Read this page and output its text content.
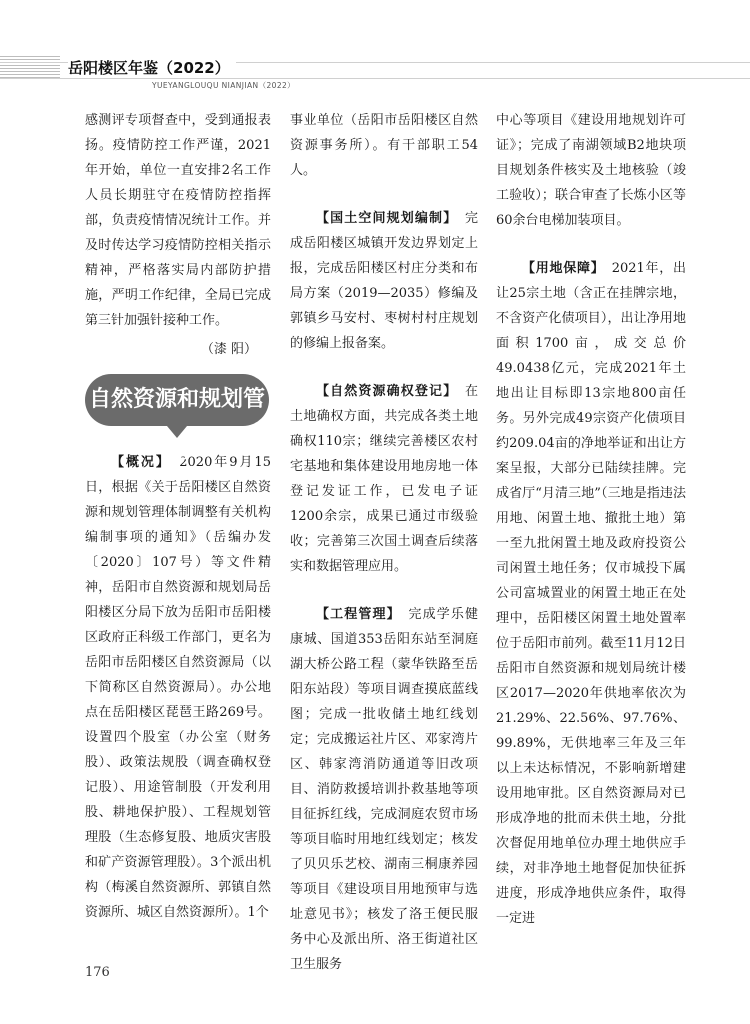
岳阳楼区年鉴（2022）
YUEYANGLOUQU NIANJIAN（2022）

感测评专项督查中，受到通报表扬。疫情防控工作严谨，2021年开始，单位一直安排2名工作人员长期驻守在疫情防控指挥部，负责疫情情况统计工作。并及时传达学习疫情防控相关指示精神，严格落实局内部防护措施，严明工作纪律，全局已完成第三针加强针接种工作。

（漆 阳）
自然资源和规划管理

【概况】　 2020年9月15日，根据《关于岳阳楼区自然资源和规划管理体制调整有关机构编制事项的通知》（岳编办发〔2020〕107号）等文件精神，岳阳市自然资源和规划局岳阳楼区分局下放为岳阳市岳阳楼区政府正科级工作部门，更名为岳阳市岳阳楼区自然资源局（以下简称区自然资源局）。办公地点在岳阳楼区琵琶王路269号。设置四个股室（办公室（财务股）、政策法规股（调查确权登记股）、用途管制股（开发利用股、耕地保护股）、工程规划管理股（生态修复股、地质灾害股和矿产资源管理股）。3个派出机构（梅溪自然资源所、郭镇自然资源所、城区自然资源所）。1个

事业单位（岳阳市岳阳楼区自然资源事务所）。有干部职工54人。

【国土空间规划编制】　 完成岳阳楼区城镇开发边界划定上报，完成岳阳楼区村庄分类和布局方案（2019—2035）修编及郭镇乡马安村、枣树村村庄规划的修编上报备案。

【自然资源确权登记】　 在土地确权方面，共完成各类土地确权110宗；继续完善楼区农村宅基地和集体建设用地房地一体登记发证工作，已发电子证1200余宗，成果已通过市级验收；完善第三次国土调查后续落实和数据管理应用。

【工程管理】　 完成学乐健康城、国道353岳阳东站至洞庭湖大桥公路工程（蒙华铁路至岳阳东站段）等项目调查摸底蓝线图；完成一批收储土地红线划定；完成搬运社片区、邓家湾片区、韩家湾消防通道等旧改项目、消防救援培训扑救基地等项目征拆红线，完成洞庭农贸市场等项目临时用地红线划定；核发了贝贝乐艺校、湖南三桐康养园等项目《建设项目用地预审与选址意见书》；核发了洛王便民服务中心及派出所、洛王街道社区卫生服务

中心等项目《建设用地规划许可证》；完成了南湖领域B2地块项目规划条件核实及土地核验（竣工验收）；联合审查了长炼小区等60余台电梯加装项目。

【用地保障】　 2021年，出让25宗土地（含正在挂牌宗地，不含资产化债项目），出让净用地面积1700亩，成交总价49.0438亿元，完成2021年土地出让目标即13宗地800亩任务。另外完成49宗资产化债项目约209.04亩的净地举证和出让方案呈报，大部分已陆续挂牌。完成省厅“月清三地”（三地是指违法用地、闲置土地、撤批土地）第一至九批闲置土地及政府投资公司闲置土地任务；仅市城投下属公司富城置业的闲置土地正在处理中，岳阳楼区闲置土地处置率位于岳阳市前列。截至11月12日岳阳市自然资源和规划局统计楼区2017—2020年供地率依次为21.29%、22.56%、97.76%、99.89%，无供地率三年及三年以上未达标情况，不影响新增建设用地审批。区自然资源局对已形成净地的批而未供土地，分批次督促用地单位办理土地供应手续，对非净地土地督促加快征拆进度，形成净地供应条件，取得一定进

176
